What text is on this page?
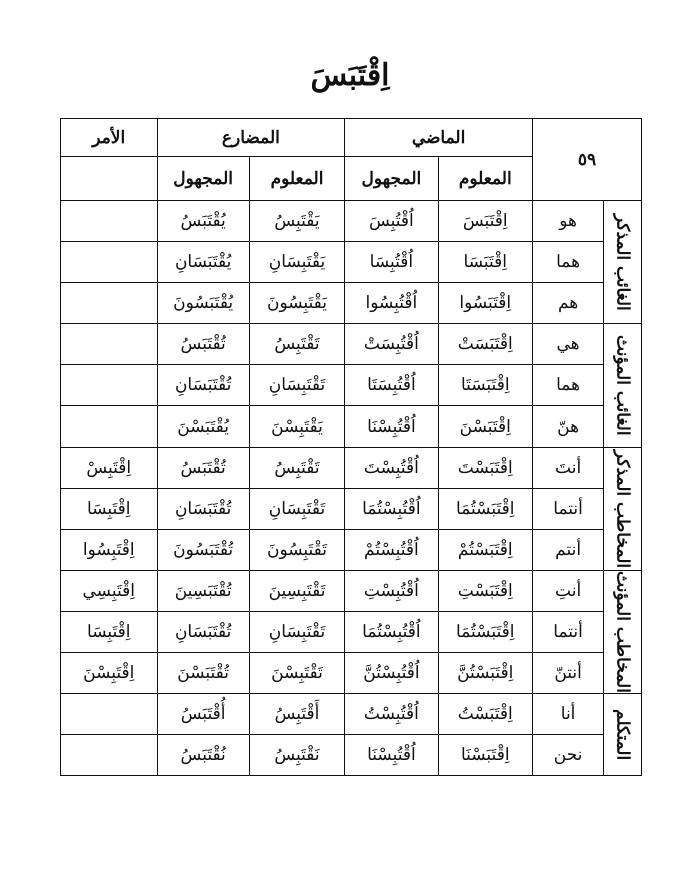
اِقْتَبَسَ
٥٩		الماضي		المضارع		الأمر
		المعلوم	المجهول	المعلوم	المجهول	
الغائب المذكر	هو	اِقْتَبَسَ	اُقْتُبِسَ	يَقْتَبِسُ	يُقْتَبَسُ	
	هما	اِقْتَبَسَا	اُقْتُبِسَا	يَقْتَبِسَانِ	يُقْتَبَسَانِ	
	هم	اِقْتَبَسُوا	اُقْتُبِسُوا	يَقْتَبِسُونَ	يُقْتَبَسُونَ	
الغائب المؤنث	هي	اِقْتَبَسَتْ	اُقْتُبِسَتْ	تَقْتَبِسُ	تُقْتَبَسُ	
	هما	اِقْتَبَسَتَا	اُقْتُبِسَتَا	تَقْتَبِسَانِ	تُقْتَبَسَانِ	
	هنّ	اِقْتَبَسْنَ	اُقْتُبِسْنَا	يَقْتَبِسْنَ	يُقْتَبَسْنَ	
المخاطب المذكر	أنتَ	اِقْتَبَسْتَ	اُقْتُبِسْتَ	تَقْتَبِسُ	تُقْتَبَسُ	اِقْتَبِسْ
	أنتما	اِقْتَبَسْتُمَا	اُقْتُبِسْتُمَا	تَقْتَبِسَانِ	تُقْتَبَسَانِ	اِقْتَبِسَا
	أنتم	اِقْتَبَسْتُمْ	اُقْتُبِسْتُمْ	تَقْتَبِسُونَ	تُقْتَبَسُونَ	اِقْتَبِسُوا
المخاطب المؤنث	أنتِ	اِقْتَبَسْتِ	اُقْتُبِسْتِ	تَقْتَبِسِينَ	تُقْتَبَسِينَ	اِقْتَبِسِي
	أنتما	اِقْتَبَسْتُمَا	اُقْتُبِسْتُمَا	تَقْتَبِسَانِ	تُقْتَبَسَانِ	اِقْتَبِسَا
	أنتنّ	اِقْتَبَسْتُنَّ	اُقْتُبِسْتُنَّ	تَقْتَبِسْنَ	تُقْتَبَسْنَ	اِقْتَبِسْنَ
المتكلم	أنا	اِقْتَبَسْتُ	اُقْتُبِسْتُ	أَقْتَبِسُ	أُقْتَبَسُ	
	نحن	اِقْتَبَسْنَا	اُقْتُبِسْنَا	نَقْتَبِسُ	نُقْتَبَسُ	
